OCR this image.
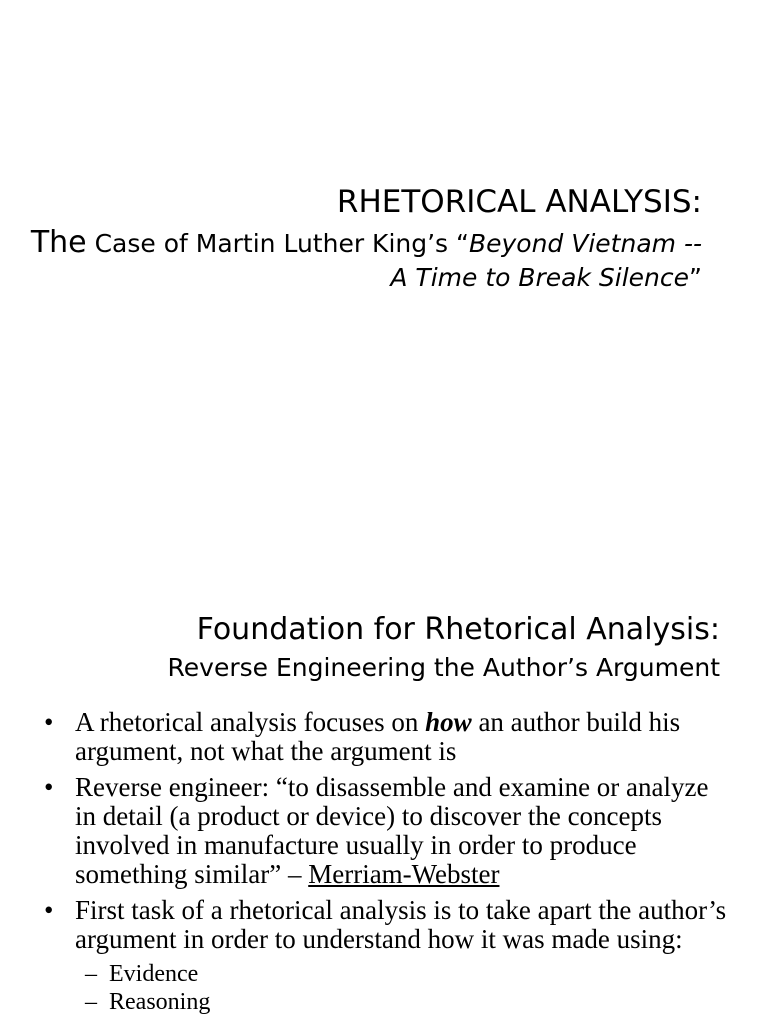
RHETORICAL ANALYSIS:
The Case of Martin Luther King’s “Beyond Vietnam -- A Time to Break Silence”
Foundation for Rhetorical Analysis:
Reverse Engineering the Author’s Argument
• A rhetorical analysis focuses on how an author build his argument, not what the argument is
• Reverse engineer: “to disassemble and examine or analyze in detail (a product or device) to discover the concepts involved in manufacture usually in order to produce something similar” – Merriam-Webster
• First task of a rhetorical analysis is to take apart the author’s argument in order to understand how it was made using:
– Evidence
– Reasoning
